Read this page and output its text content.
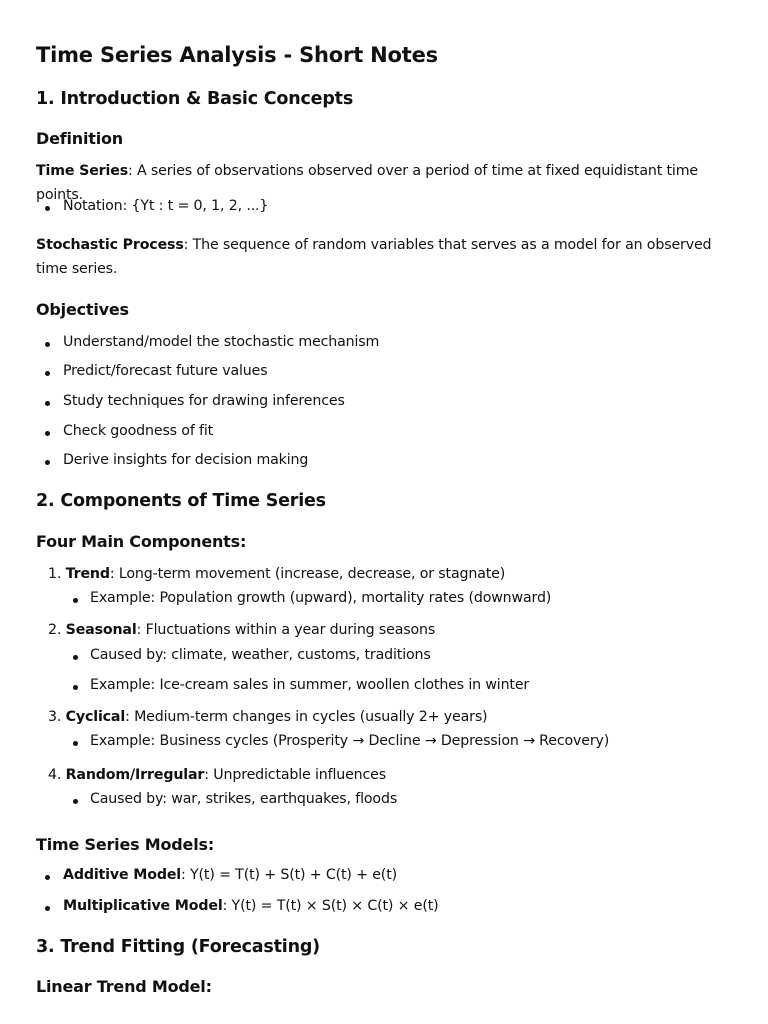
Time Series Analysis - Short Notes
1. Introduction & Basic Concepts
Definition
Time Series: A series of observations observed over a period of time at fixed equidistant time points.
Notation: {Yt : t = 0, 1, 2, ...}
Stochastic Process: The sequence of random variables that serves as a model for an observed time series.
Objectives
Understand/model the stochastic mechanism
Predict/forecast future values
Study techniques for drawing inferences
Check goodness of fit
Derive insights for decision making
2. Components of Time Series
Four Main Components:
1. Trend: Long-term movement (increase, decrease, or stagnate)
Example: Population growth (upward), mortality rates (downward)
2. Seasonal: Fluctuations within a year during seasons
Caused by: climate, weather, customs, traditions
Example: Ice-cream sales in summer, woollen clothes in winter
3. Cyclical: Medium-term changes in cycles (usually 2+ years)
Example: Business cycles (Prosperity → Decline → Depression → Recovery)
4. Random/Irregular: Unpredictable influences
Caused by: war, strikes, earthquakes, floods
Time Series Models:
Additive Model: Y(t) = T(t) + S(t) + C(t) + e(t)
Multiplicative Model: Y(t) = T(t) × S(t) × C(t) × e(t)
3. Trend Fitting (Forecasting)
Linear Trend Model:
